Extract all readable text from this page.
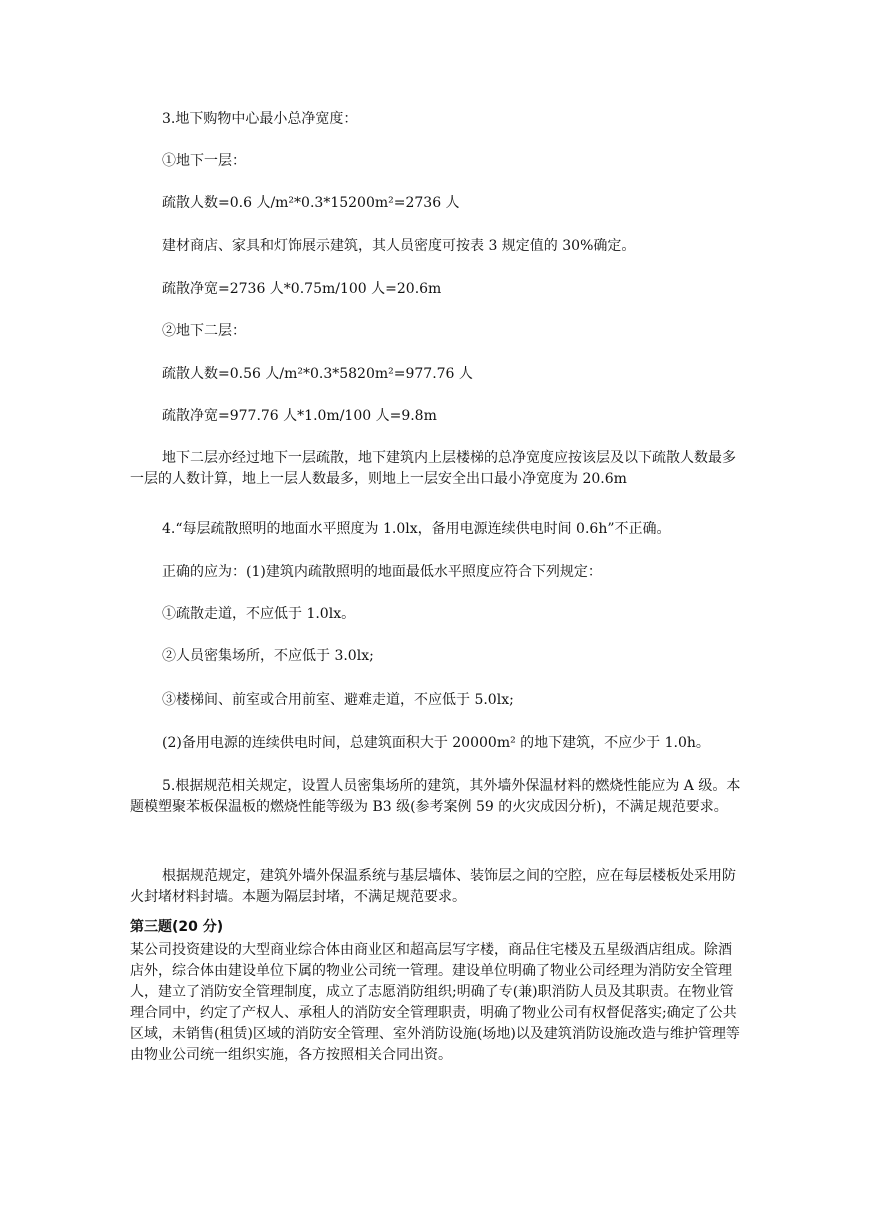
3.地下购物中心最小总净宽度：
①地下一层：
疏散人数=0.6 人/m²*0.3*15200m²=2736 人
建材商店、家具和灯饰展示建筑，其人员密度可按表 3 规定值的 30%确定。
疏散净宽=2736 人*0.75m/100 人=20.6m
②地下二层：
疏散人数=0.56 人/m²*0.3*5820m²=977.76 人
疏散净宽=977.76 人*1.0m/100 人=9.8m
地下二层亦经过地下一层疏散，地下建筑内上层楼梯的总净宽度应按该层及以下疏散人数最多一层的人数计算，地上一层人数最多，则地上一层安全出口最小净宽度为 20.6m
4.“每层疏散照明的地面水平照度为 1.0lx，备用电源连续供电时间 0.6h”不正确。
正确的应为：(1)建筑内疏散照明的地面最低水平照度应符合下列规定：
①疏散走道，不应低于 1.0lx。
②人员密集场所，不应低于 3.0lx;
③楼梯间、前室或合用前室、避难走道，不应低于 5.0lx;
(2)备用电源的连续供电时间，总建筑面积大于 20000m² 的地下建筑，不应少于 1.0h。
5.根据规范相关规定，设置人员密集场所的建筑，其外墙外保温材料的燃烧性能应为 A 级。本题模塑聚苯板保温板的燃烧性能等级为 B3 级(参考案例 59 的火灾成因分析)，不满足规范要求。
根据规范规定，建筑外墙外保温系统与基层墙体、装饰层之间的空腔，应在每层楼板处采用防火封堵材料封墙。本题为隔层封堵，不满足规范要求。
第三题(20 分)
某公司投资建设的大型商业综合体由商业区和超高层写字楼，商品住宅楼及五星级酒店组成。除酒店外，综合体由建设单位下属的物业公司统一管理。建设单位明确了物业公司经理为消防安全管理人，建立了消防安全管理制度，成立了志愿消防组织;明确了专(兼)职消防人员及其职责。在物业管理合同中，约定了产权人、承租人的消防安全管理职责，明确了物业公司有权督促落实;确定了公共区域，未销售(租赁)区域的消防安全管理、室外消防设施(场地)以及建筑消防设施改造与维护管理等由物业公司统一组织实施，各方按照相关合同出资。
